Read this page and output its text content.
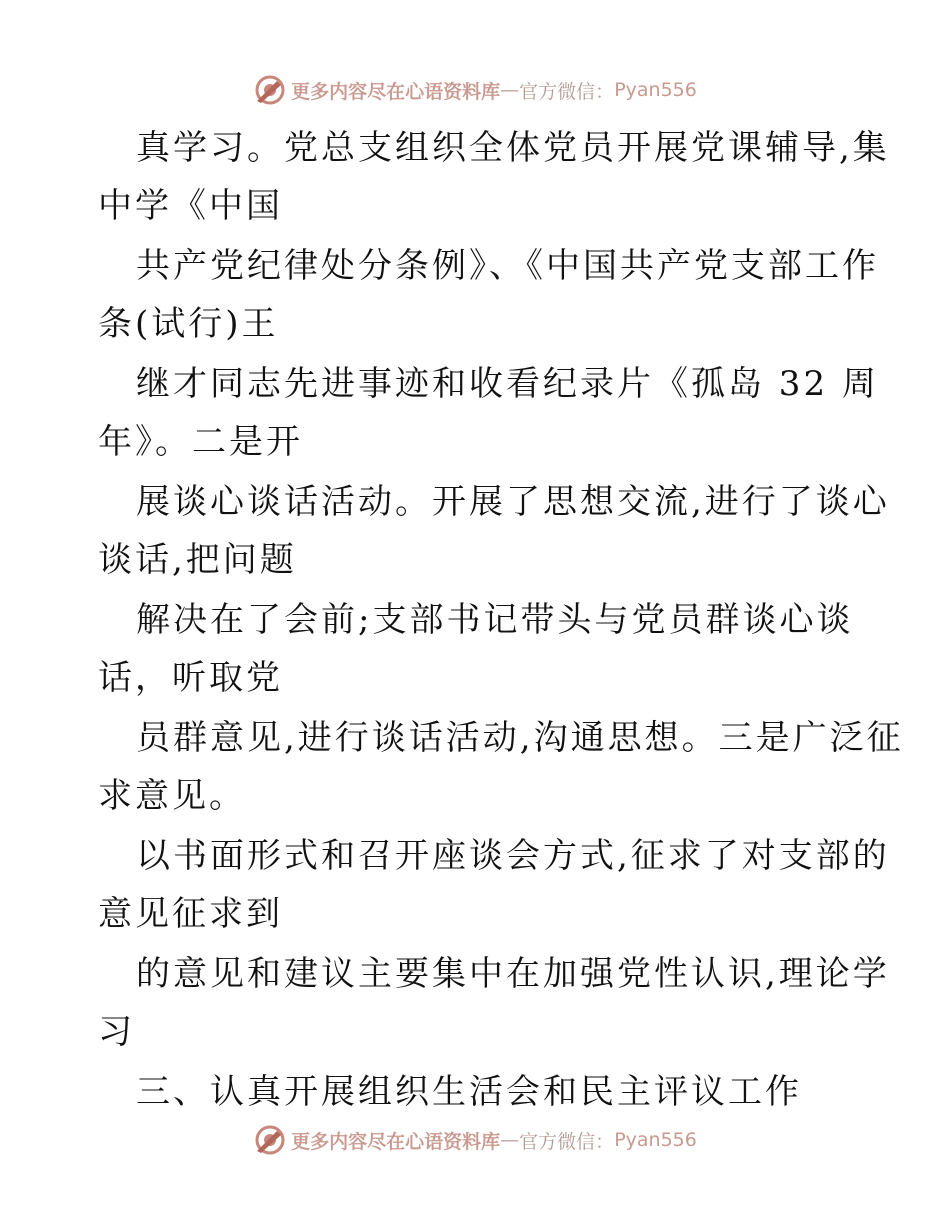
更多内容尽在心语资料库 — 官方微信： Pyan556
真学习。党总支组织全体党员开展党课辅导,集
中学《中国
共产党纪律处分条例》、《中国共产党支部工作
条(试行)王
继才同志先进事迹和收看纪录片《孤岛 32 周
年》。二是开
展谈心谈话活动。开展了思想交流,进行了谈心
谈话,把问题
解决在了会前;支部书记带头与党员群谈心谈
话，听取党
员群意见,进行谈话活动,沟通思想。三是广泛征
求意见。
以书面形式和召开座谈会方式,征求了对支部的
意见征求到
的意见和建议主要集中在加强党性认识,理论学
习
三、认真开展组织生活会和民主评议工作
更多内容尽在心语资料库 — 官方微信： Pyan556
